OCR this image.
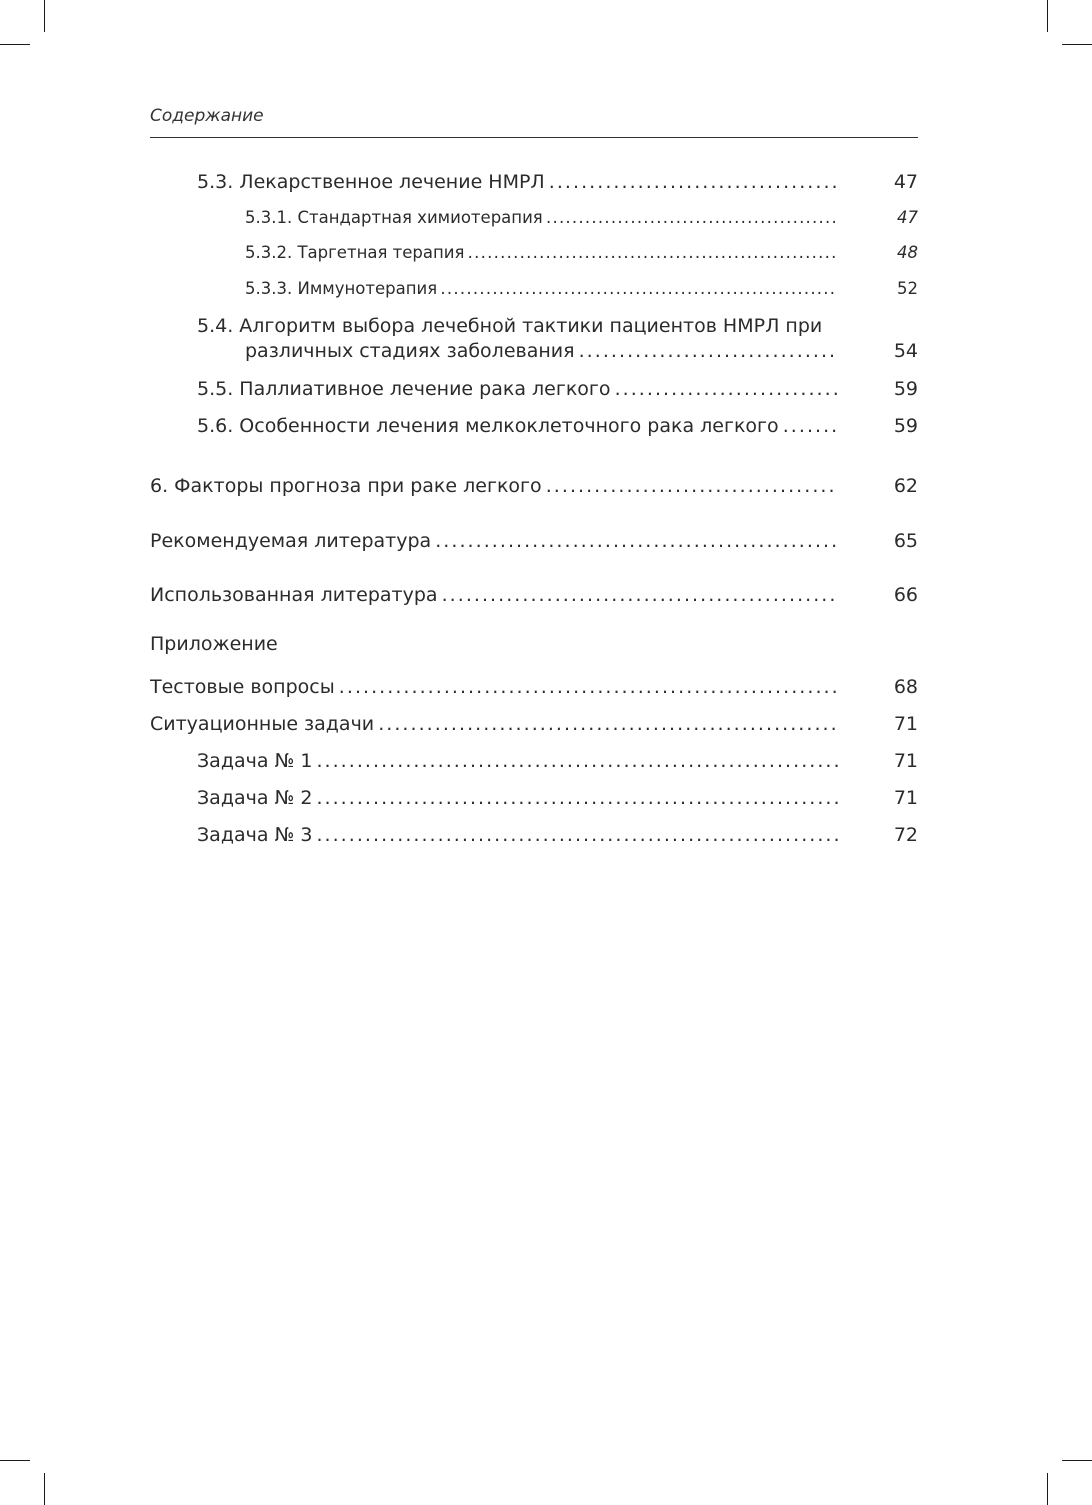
Содержание
5.3. Лекарственное лечение НМРЛ . . .	47
5.3.1. Стандартная химиотерапия . . .	47
5.3.2. Таргетная терапия . . .	48
5.3.3. Иммунотерапия . . .	52
5.4. Алгоритм выбора лечебной тактики пациентов НМРЛ при
различных стадиях заболевания . . .	54
5.5. Паллиативное лечение рака легкого . . .	59
5.6. Особенности лечения мелкоклеточного рака легкого . . .	59
6. Факторы прогноза при раке легкого . . .	62
Рекомендуемая литература . . .	65
Использованная литература . . .	66
Приложение
Тестовые вопросы . . .	68
Ситуационные задачи . . .	71
Задача № 1 . . .	71
Задача № 2 . . .	71
Задача № 3 . . .	72
